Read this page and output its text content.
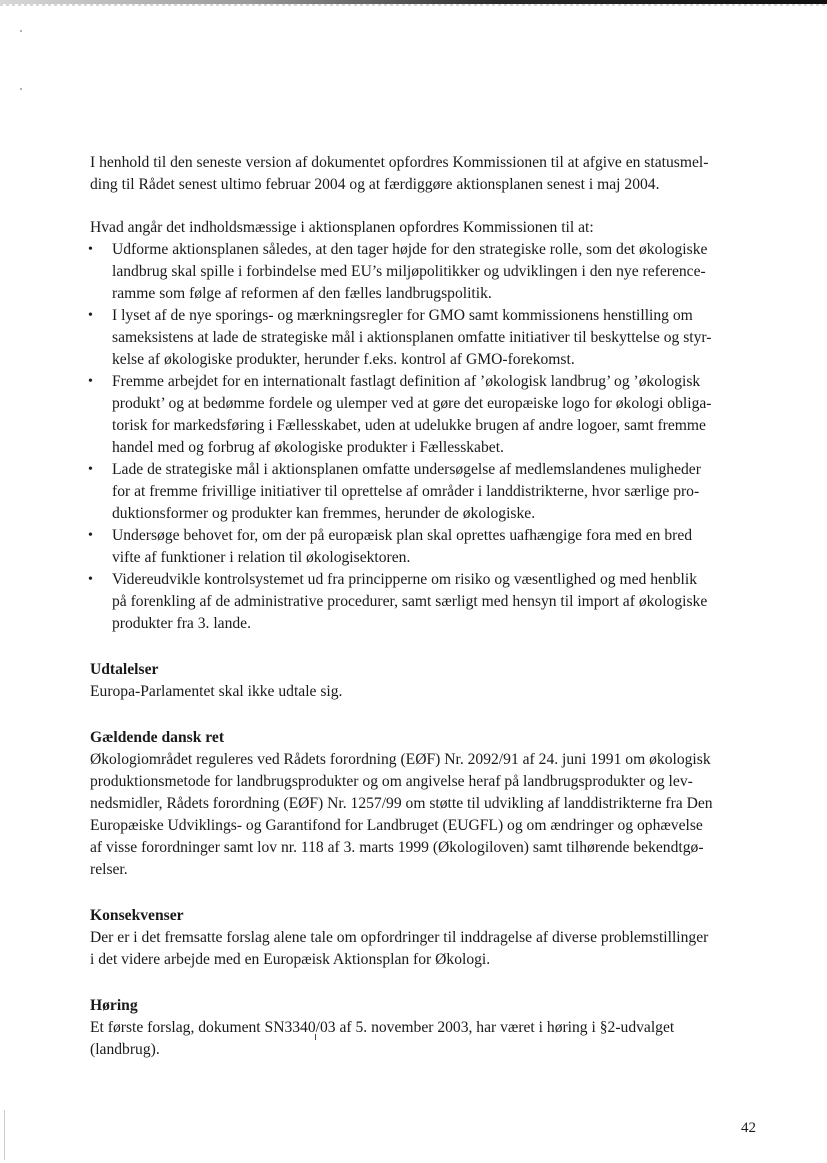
I henhold til den seneste version af dokumentet opfordres Kommissionen til at afgive en statusmel-
ding til Rådet senest ultimo februar 2004 og at færdiggøre aktionsplanen senest i maj 2004.

Hvad angår det indholdsmæssige i aktionsplanen opfordres Kommissionen til at:

• Udforme aktionsplanen således, at den tager højde for den strategiske rolle, som det økologiske
landbrug skal spille i forbindelse med EU’s miljøpolitikker og udviklingen i den nye reference-
ramme som følge af reformen af den fælles landbrugspolitik.
• I lyset af de nye sporings- og mærkningsregler for GMO samt kommissionens henstilling om
sameksistens at lade de strategiske mål i aktionsplanen omfatte initiativer til beskyttelse og styr-
kelse af økologiske produkter, herunder f.eks. kontrol af GMO-forekomst.
• Fremme arbejdet for en internationalt fastlagt definition af ’økologisk landbrug’ og ’økologisk
produkt’ og at bedømme fordele og ulemper ved at gøre det europæiske logo for økologi obliga-
torisk for markedsføring i Fællesskabet, uden at udelukke brugen af andre logoer, samt fremme
handel med og forbrug af økologiske produkter i Fællesskabet.
• Lade de strategiske mål i aktionsplanen omfatte undersøgelse af medlemslandenes muligheder
for at fremme frivillige initiativer til oprettelse af områder i landdistrikterne, hvor særlige pro-
duktionsformer og produkter kan fremmes, herunder de økologiske.
• Undersøge behovet for, om der på europæisk plan skal oprettes uafhængige fora med en bred
vifte af funktioner i relation til økologisektoren.
• Videreudvikle kontrolsystemet ud fra principperne om risiko og væsentlighed og med henblik
på forenkling af de administrative procedurer, samt særligt med hensyn til import af økologiske
produkter fra 3. lande.

Udtalelser

Europa-Parlamentet skal ikke udtale sig.

Gældende dansk ret

Økologiområdet reguleres ved Rådets forordning (EØF) Nr. 2092/91 af 24. juni 1991 om økologisk
produktionsmetode for landbrugsprodukter og om angivelse heraf på landbrugsprodukter og lev-
nedsmidler, Rådets forordning (EØF) Nr. 1257/99 om støtte til udvikling af landdistrikterne fra Den
Europæiske Udviklings- og Garantifond for Landbruget (EUGFL) og om ændringer og ophævelse
af visse forordninger samt lov nr. 118 af 3. marts 1999 (Økologiloven) samt tilhørende bekendtgø-
relser.

Konsekvenser

Der er i det fremsatte forslag alene tale om opfordringer til inddragelse af diverse problemstillinger
i det videre arbejde med en Europæisk Aktionsplan for Økologi.

Høring

Et første forslag, dokument SN3340/03 af 5. november 2003, har været i høring i §2-udvalget
(landbrug).

42
